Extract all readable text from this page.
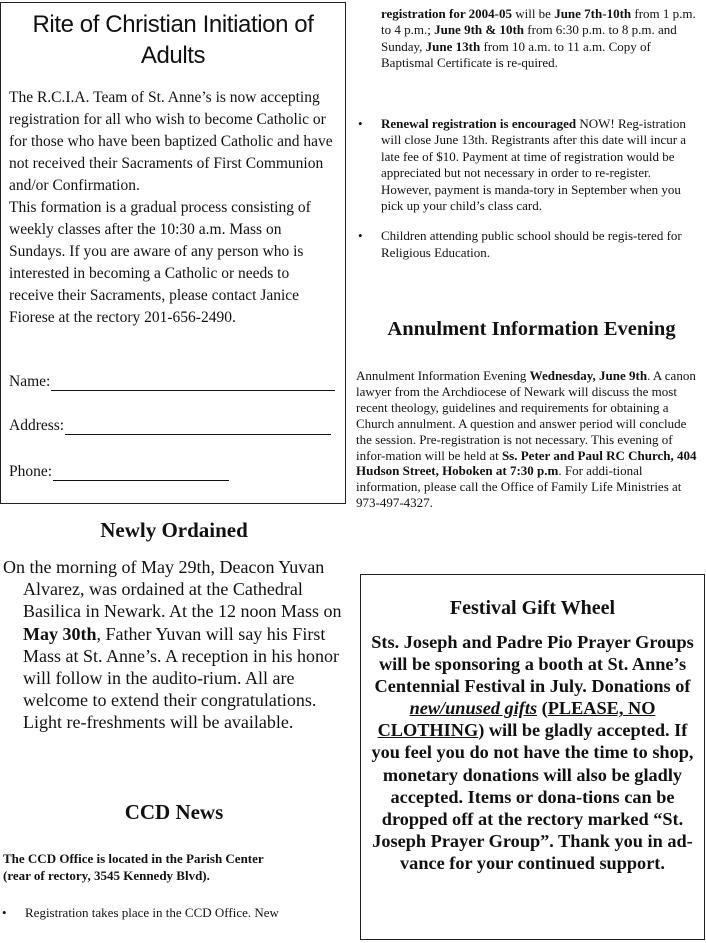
Rite of Christian Initiation of
Adults
The R.C.I.A. Team of St. Anne’s is now accepting registration for all who wish to become Catholic or for those who have been baptized Catholic and have not received their Sacraments of First Communion and/or Confirmation.
This formation is a gradual process consisting of weekly classes after the 10:30 a.m. Mass on Sundays. If you are aware of any person who is interested in becoming a Catholic or needs to receive their Sacraments, please contact Janice Fiorese at the rectory 201-656-2490.
Name:
Address:
Phone:
Newly Ordained
On the morning of May 29th, Deacon Yuvan Alvarez, was ordained at the Cathedral Basilica in Newark. At the 12 noon Mass on May 30th, Father Yuvan will say his First Mass at St. Anne’s. A reception in his honor will follow in the audito-rium. All are welcome to extend their congratulations. Light re-freshments will be available.
CCD News
The CCD Office is located in the Parish Center
(rear of rectory, 3545 Kennedy Blvd).
• Registration takes place in the CCD Office. New
registration for 2004-05 will be June 7th-10th from 1 p.m. to 4 p.m.; June 9th & 10th from 6:30 p.m. to 8 p.m. and Sunday, June 13th from 10 a.m. to 11 a.m. Copy of Baptismal Certificate is re-quired.
• Renewal registration is encouraged NOW! Reg-istration will close June 13th. Registrants after this date will incur a late fee of $10. Payment at time of registration would be appreciated but not necessary in order to re-register. However, payment is manda-tory in September when you pick up your child’s class card.
• Children attending public school should be regis-tered for Religious Education.
Annulment Information Evening
Annulment Information Evening Wednesday, June 9th. A canon lawyer from the Archdiocese of Newark will discuss the most recent theology, guidelines and requirements for obtaining a Church annulment. A question and answer period will conclude the session. Pre-registration is not necessary. This evening of infor-mation will be held at Ss. Peter and Paul RC Church, 404 Hudson Street, Hoboken at 7:30 p.m. For addi-tional information, please call the Office of Family Life Ministries at 973-497-4327.
Festival Gift Wheel
Sts. Joseph and Padre Pio Prayer Groups will be sponsoring a booth at St. Anne’s Centennial Festival in July. Donations of new/unused gifts (PLEASE, NO CLOTHING) will be gladly accepted. If you feel you do not have the time to shop, monetary donations will also be gladly accepted. Items or dona-tions can be dropped off at the rectory marked “St. Joseph Prayer Group”. Thank you in ad-vance for your continued support.
